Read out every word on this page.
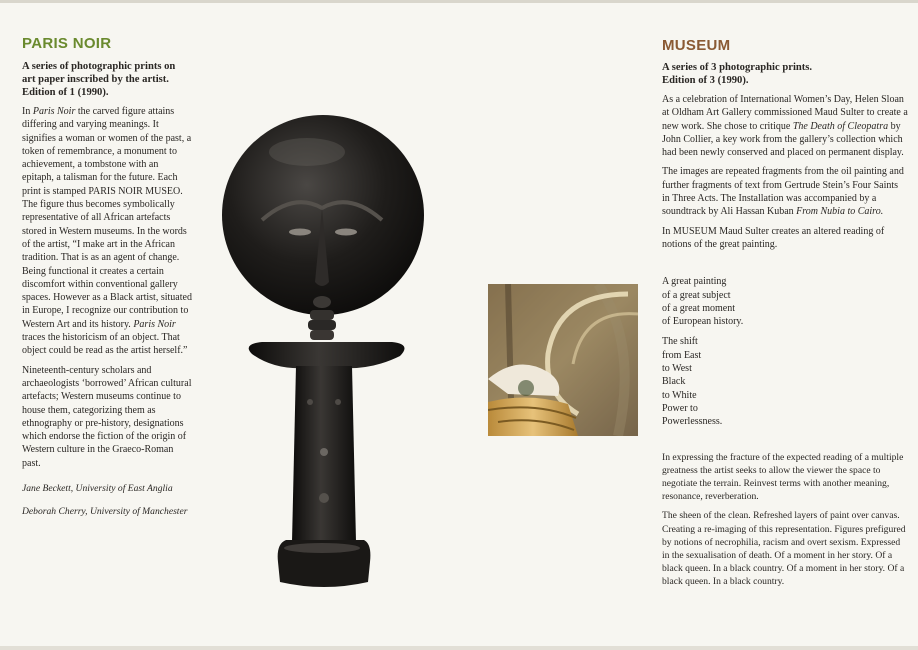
PARIS NOIR
A series of photographic prints on
art paper inscribed by the artist.
Edition of 1 (1990).

In Paris Noir the carved figure attains differing and varying meanings. It signifies a woman or women of the past, a token of remembrance, a monument to achievement, a tombstone with an epitaph, a talisman for the future. Each print is stamped PARIS NOIR MUSEO. The figure thus becomes symbolically representative of all African artefacts stored in Western museums. In the words of the artist, “I make art in the African tradition. That is as an agent of change. Being functional it creates a certain discomfort within conventional gallery spaces. However as a Black artist, situated in Europe, I recognize our contribution to Western Art and its history. Paris Noir traces the historicism of an object. That object could be read as the artist herself.”

Nineteenth-century scholars and archaeologists ‘borrowed’ African cultural artefacts; Western museums continue to house them, categorizing them as ethnography or pre-history, designations which endorse the fiction of the origin of Western culture in the Graeco-Roman past.

Jane Beckett, University of East Anglia

Deborah Cherry, University of Manchester

MUSEUM
A series of 3 photographic prints.
Edition of 3 (1990).

As a celebration of International Women’s Day, Helen Sloan at Oldham Art Gallery commissioned Maud Sulter to create a new work. She chose to critique The Death of Cleopatra by John Collier, a key work from the gallery’s collection which had been newly conserved and placed on permanent display.

The images are repeated fragments from the oil painting and further fragments of text from Gertrude Stein’s Four Saints in Three Acts. The Installation was accompanied by a soundtrack by Ali Hassan Kuban From Nubia to Cairo.

In MUSEUM Maud Sulter creates an altered reading of notions of the great painting.

A great painting

of a great subject

of a great moment

of European history.

The shift

from East

to West

Black

to White

Power to

Powerlessness.

In expressing the fracture of the expected reading of a multiple greatness the artist seeks to allow the viewer the space to negotiate the terrain. Reinvest terms with another meaning, resonance, reverberation.

The sheen of the clean. Refreshed layers of paint over canvas. Creating a re-imaging of this representation. Figures prefigured by notions of necrophilia, racism and overt sexism. Expressed in the sexualisation of death. Of a moment in her story. Of a black queen. In a black country. Of a moment in her story. Of a black queen. In a black country.
